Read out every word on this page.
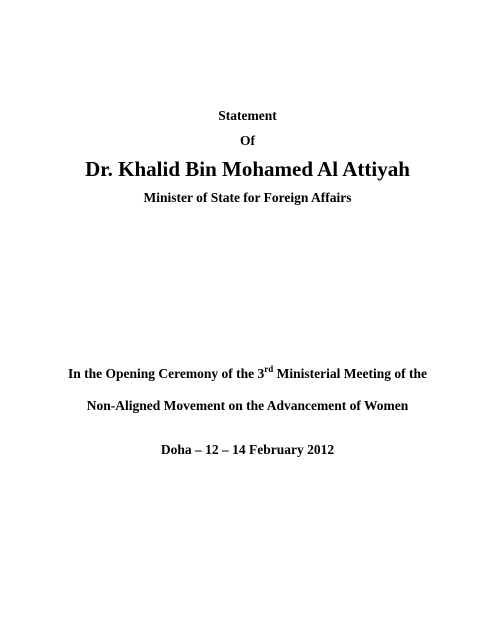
Statement
Of
Dr. Khalid Bin Mohamed Al Attiyah
Minister of State for Foreign Affairs
In the Opening Ceremony of the 3rd Ministerial Meeting of the
Non-Aligned Movement on the Advancement of Women
Doha – 12 – 14 February 2012
